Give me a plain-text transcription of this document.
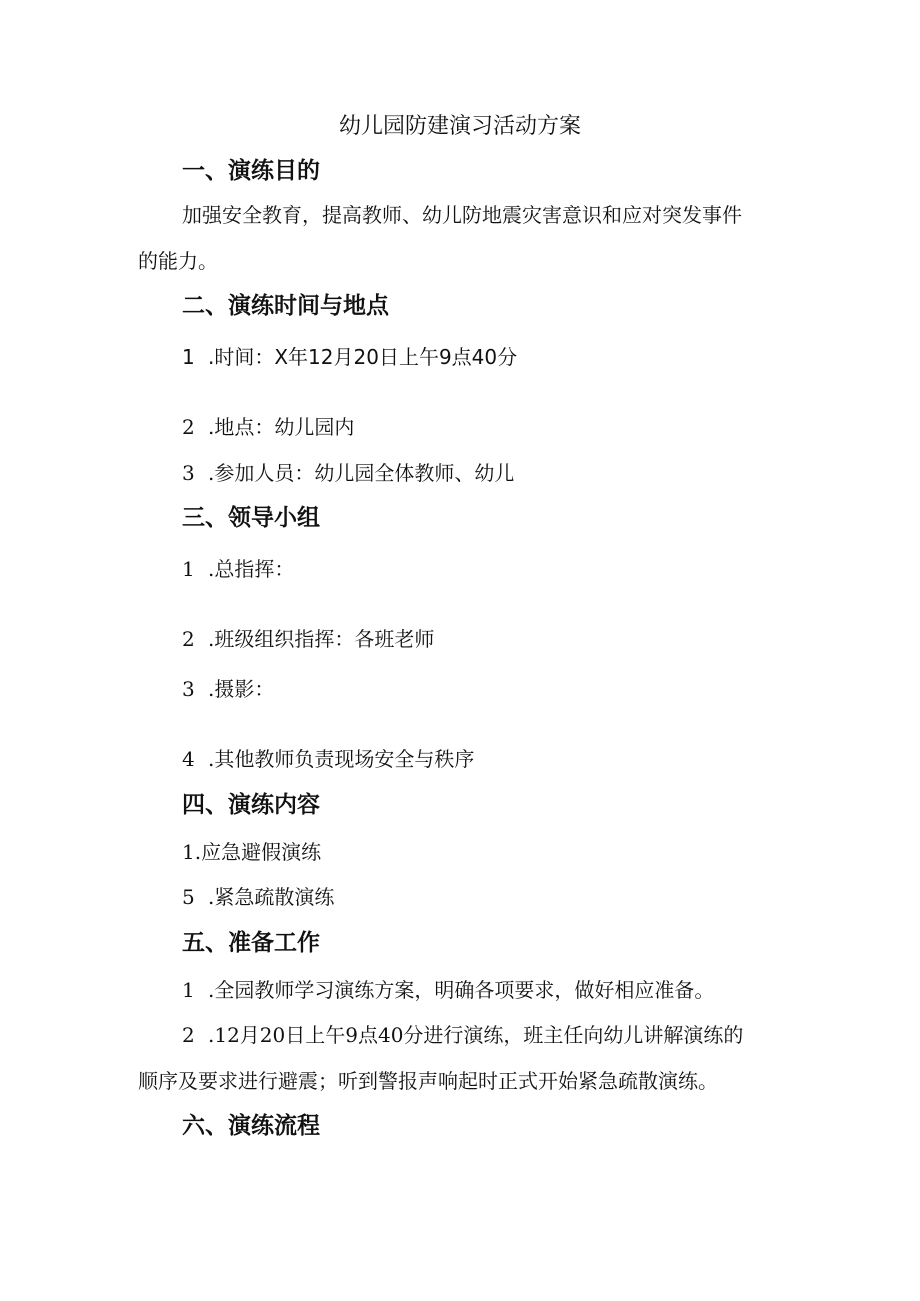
幼儿园防建演习活动方案
一、演练目的
加强安全教育，提高教师、幼儿防地震灾害意识和应对突发事件
的能力。
二、演练时间与地点
1 .时间：X年12月20日上午9点40分
2 .地点：幼儿园内
3 .参加人员：幼儿园全体教师、幼儿
三、领导小组
1 .总指挥：
2 .班级组织指挥：各班老师
3 .摄影：
4 .其他教师负责现场安全与秩序
四、演练内容
1.应急避假演练
5 .紧急疏散演练
五、准备工作
1 .全园教师学习演练方案，明确各项要求，做好相应准备。
2 .12月20日上午9点40分进行演练，班主任向幼儿讲解演练的
顺序及要求进行避震；听到警报声响起时正式开始紧急疏散演练。
六、演练流程
